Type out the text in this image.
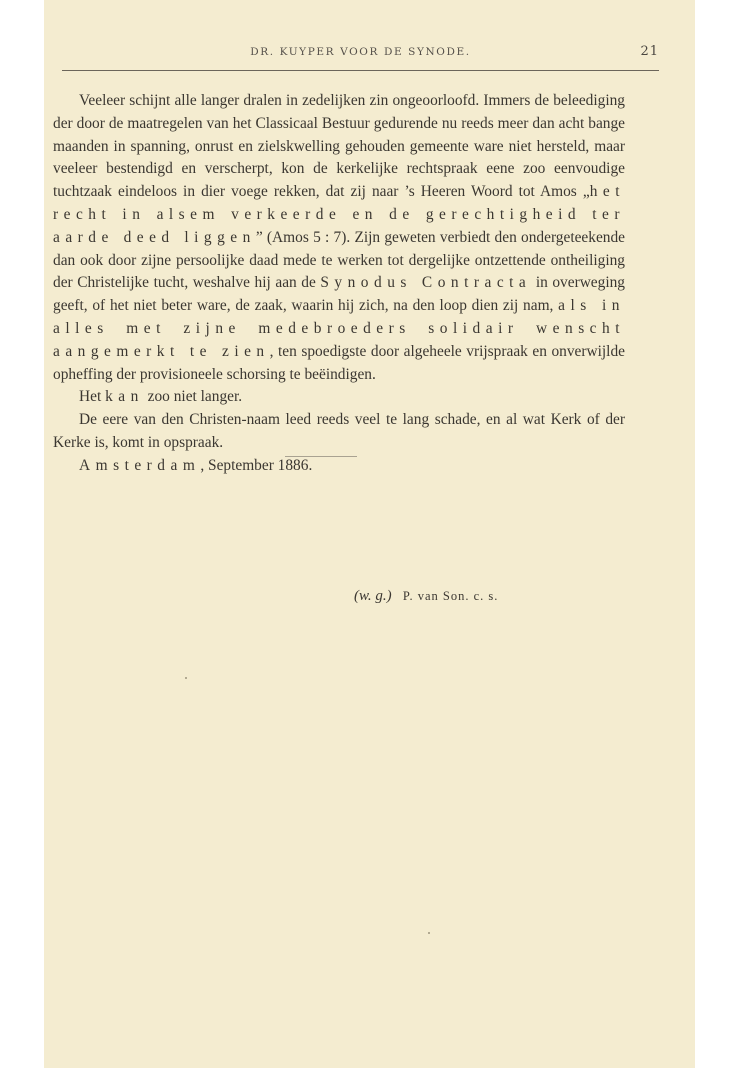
DR. KUYPER VOOR DE SYNODE.	21

Veeleer schijnt alle langer dralen in zedelijken zin ongeoorloofd. Immers de beleediging der door de maatregelen van het Classicaal Bestuur gedurende nu reeds meer dan acht bange maanden in spanning, onrust en zielskwelling gehouden gemeente ware niet hersteld, maar veeleer bestendigd en verscherpt, kon de kerkelijke rechtspraak eene zoo eenvoudige tuchtzaak eindeloos in dier voege rekken, dat zij naar ’s Heeren Woord tot Amos „het recht in alsem verkeerde en de gerechtigheid ter aarde deed liggen” (Amos 5 : 7). Zijn geweten verbiedt den ondergeteekende dan ook door zijne persoolijke daad mede te werken tot dergelijke ontzettende ontheiliging der Christelijke tucht, weshalve hij aan de Synodus Contracta in overweging geeft, of het niet beter ware, de zaak, waarin hij zich, na den loop dien zij nam, als in alles met zijne medebroeders solidair wenscht aangemerkt te zien, ten spoedigste door algeheele vrijspraak en onverwijlde opheffing der provisioneele schorsing te beëindigen.

Het kan zoo niet langer.

De eere van den Christen-naam leed reeds veel te lang schade, en al wat Kerk of der Kerke is, komt in opspraak.

Amsterdam, September 1886.

(w. g.) P. van Son. c. s.
